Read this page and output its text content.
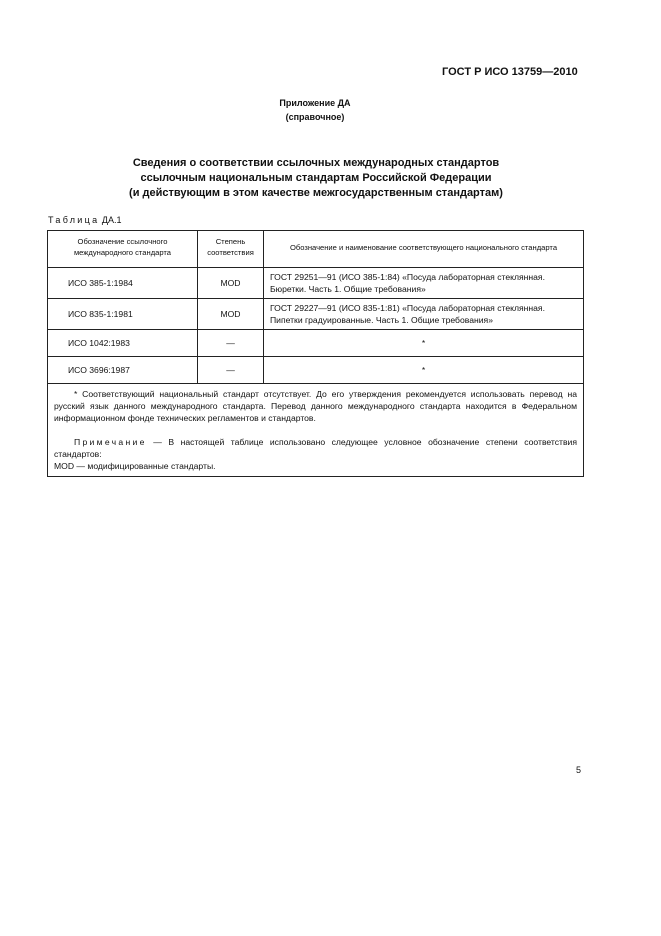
ГОСТ Р ИСО 13759—2010
Приложение ДА
(справочное)
Сведения о соответствии ссылочных международных стандартов
ссылочным национальным стандартам Российской Федерации
(и действующим в этом качестве межгосударственным стандартам)
Таблица ДА.1
Обозначение ссылочного международного стандарта	Степень соответствия	Обозначение и наименование соответствующего национального стандарта
ИСО 385-1:1984	MOD	ГОСТ 29251—91 (ИСО 385-1:84) «Посуда лабораторная стеклянная. Бюретки. Часть 1. Общие требования»
ИСО 835-1:1981	MOD	ГОСТ 29227—91 (ИСО 835-1:81) «Посуда лабораторная стеклянная. Пипетки градуированные. Часть 1. Общие требования»
ИСО 1042:1983	—	*
ИСО 3696:1987	—	*

* Соответствующий национальный стандарт отсутствует. До его утверждения рекомендуется использовать перевод на русский язык данного международного стандарта. Перевод данного международного стандарта находится в Федеральном информационном фонде технических регламентов и стандартов.

Примечание — В настоящей таблице использовано следующее условное обозначение степени соответствия стандартов:

MOD — модифицированные стандарты.		

5
